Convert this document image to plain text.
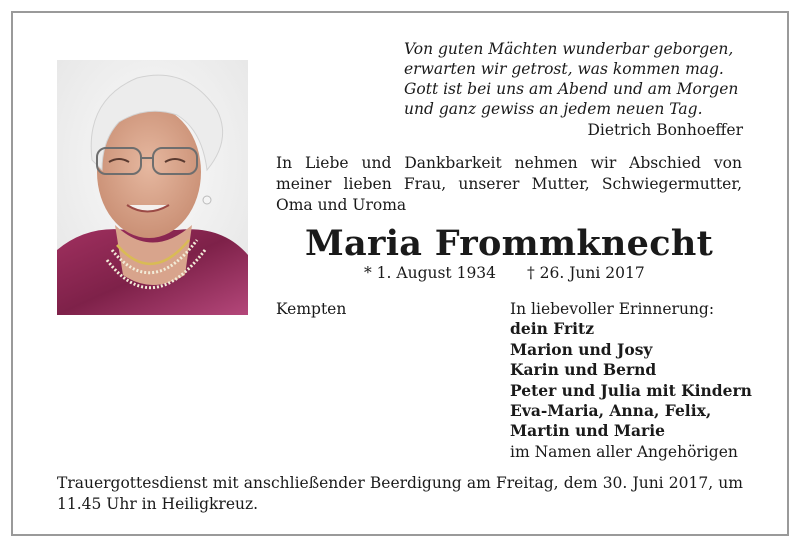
Von guten Mächten wunderbar geborgen,
erwarten wir getrost, was kommen mag.
Gott ist bei uns am Abend und am Morgen
und ganz gewiss an jedem neuen Tag.
Dietrich Bonhoeffer
In Liebe und Dankbarkeit nehmen wir Abschied von meiner lieben Frau, unserer Mutter, Schwiegermutter, Oma und Uroma
Maria Frommknecht
* 1. August 1934 † 26. Juni 2017
Kempten	In liebevoller Erinnerung:
dein Fritz
Marion und Josy
Karin und Bernd
Peter und Julia mit Kindern
Eva-Maria, Anna, Felix,
Martin und Marie
im Namen aller Angehörigen
Trauergottesdienst mit anschließender Beerdigung am Freitag, dem 30. Juni 2017, um 11.45 Uhr in Heiligkreuz.
